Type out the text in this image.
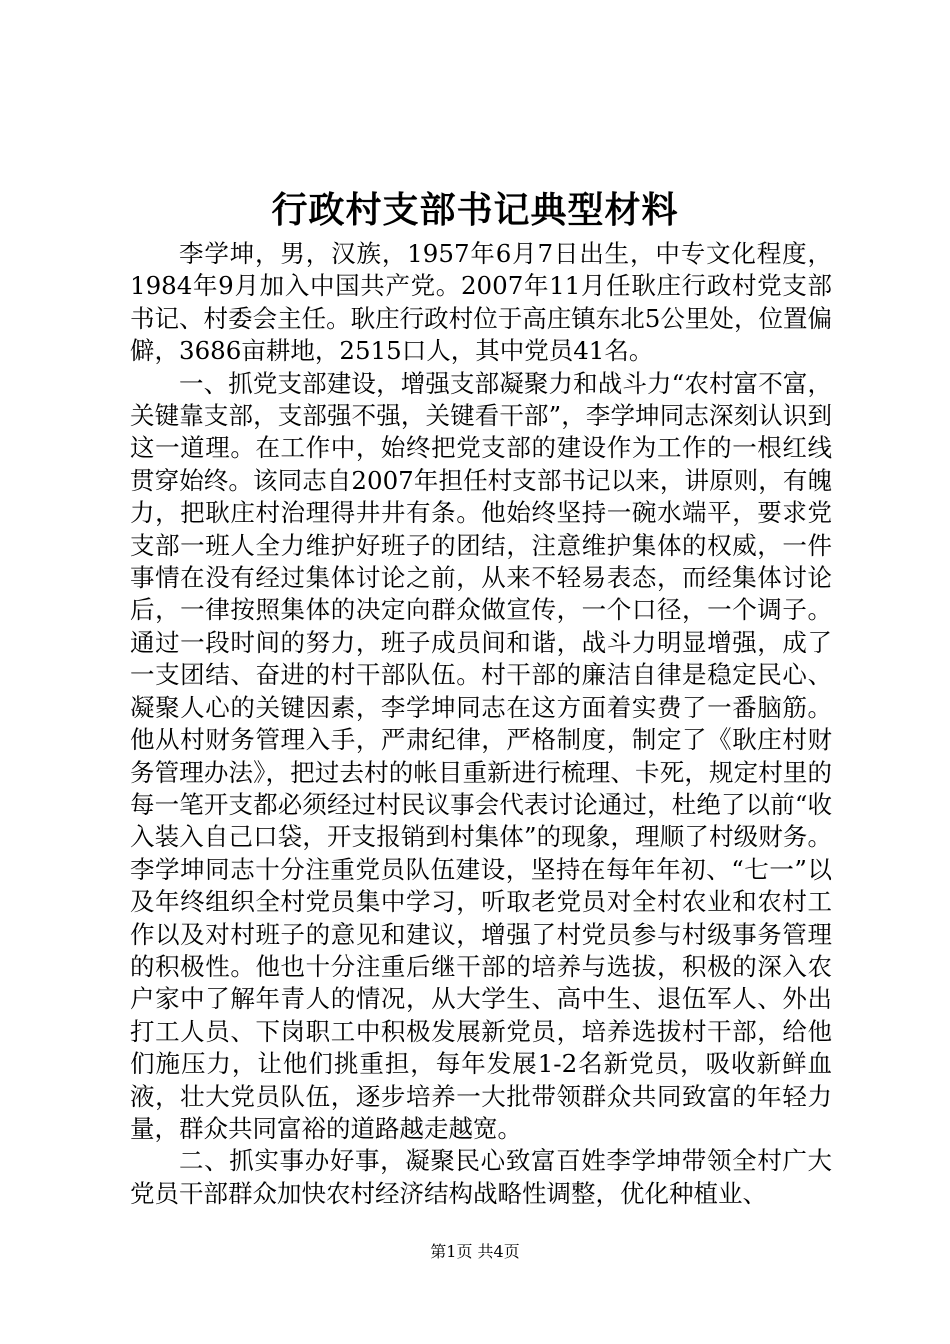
行政村支部书记典型材料

李学坤，男，汉族，1957年6月7日出生，中专文化程度，1984年9月加入中国共产党。2007年11月任耿庄行政村党支部书记、村委会主任。耿庄行政村位于高庄镇东北5公里处，位置偏僻，3686亩耕地，2515口人，其中党员41名。

一、抓党支部建设，增强支部凝聚力和战斗力“农村富不富，关键靠支部，支部强不强，关键看干部”，李学坤同志深刻认识到这一道理。在工作中，始终把党支部的建设作为工作的一根红线贯穿始终。该同志自2007年担任村支部书记以来，讲原则，有魄力，把耿庄村治理得井井有条。他始终坚持一碗水端平，要求党支部一班人全力维护好班子的团结，注意维护集体的权威，一件事情在没有经过集体讨论之前，从来不轻易表态，而经集体讨论后，一律按照集体的决定向群众做宣传，一个口径，一个调子。通过一段时间的努力，班子成员间和谐，战斗力明显增强，成了一支团结、奋进的村干部队伍。村干部的廉洁自律是稳定民心、凝聚人心的关键因素，李学坤同志在这方面着实费了一番脑筋。他从村财务管理入手，严肃纪律，严格制度，制定了《耿庄村财务管理办法》，把过去村的帐目重新进行梳理、卡死，规定村里的每一笔开支都必须经过村民议事会代表讨论通过，杜绝了以前“收入装入自己口袋，开支报销到村集体”的现象，理顺了村级财务。李学坤同志十分注重党员队伍建设，坚持在每年年初、“七一”以及年终组织全村党员集中学习，听取老党员对全村农业和农村工作以及对村班子的意见和建议，增强了村党员参与村级事务管理的积极性。他也十分注重后继干部的培养与选拔，积极的深入农户家中了解年青人的情况，从大学生、高中生、退伍军人、外出打工人员、下岗职工中积极发展新党员，培养选拔村干部，给他们施压力，让他们挑重担，每年发展1-2名新党员，吸收新鲜血液，壮大党员队伍，逐步培养一大批带领群众共同致富的年轻力量，群众共同富裕的道路越走越宽。

二、抓实事办好事，凝聚民心致富百姓李学坤带领全村广大党员干部群众加快农村经济结构战略性调整，优化种植业、

第1页 共4页
